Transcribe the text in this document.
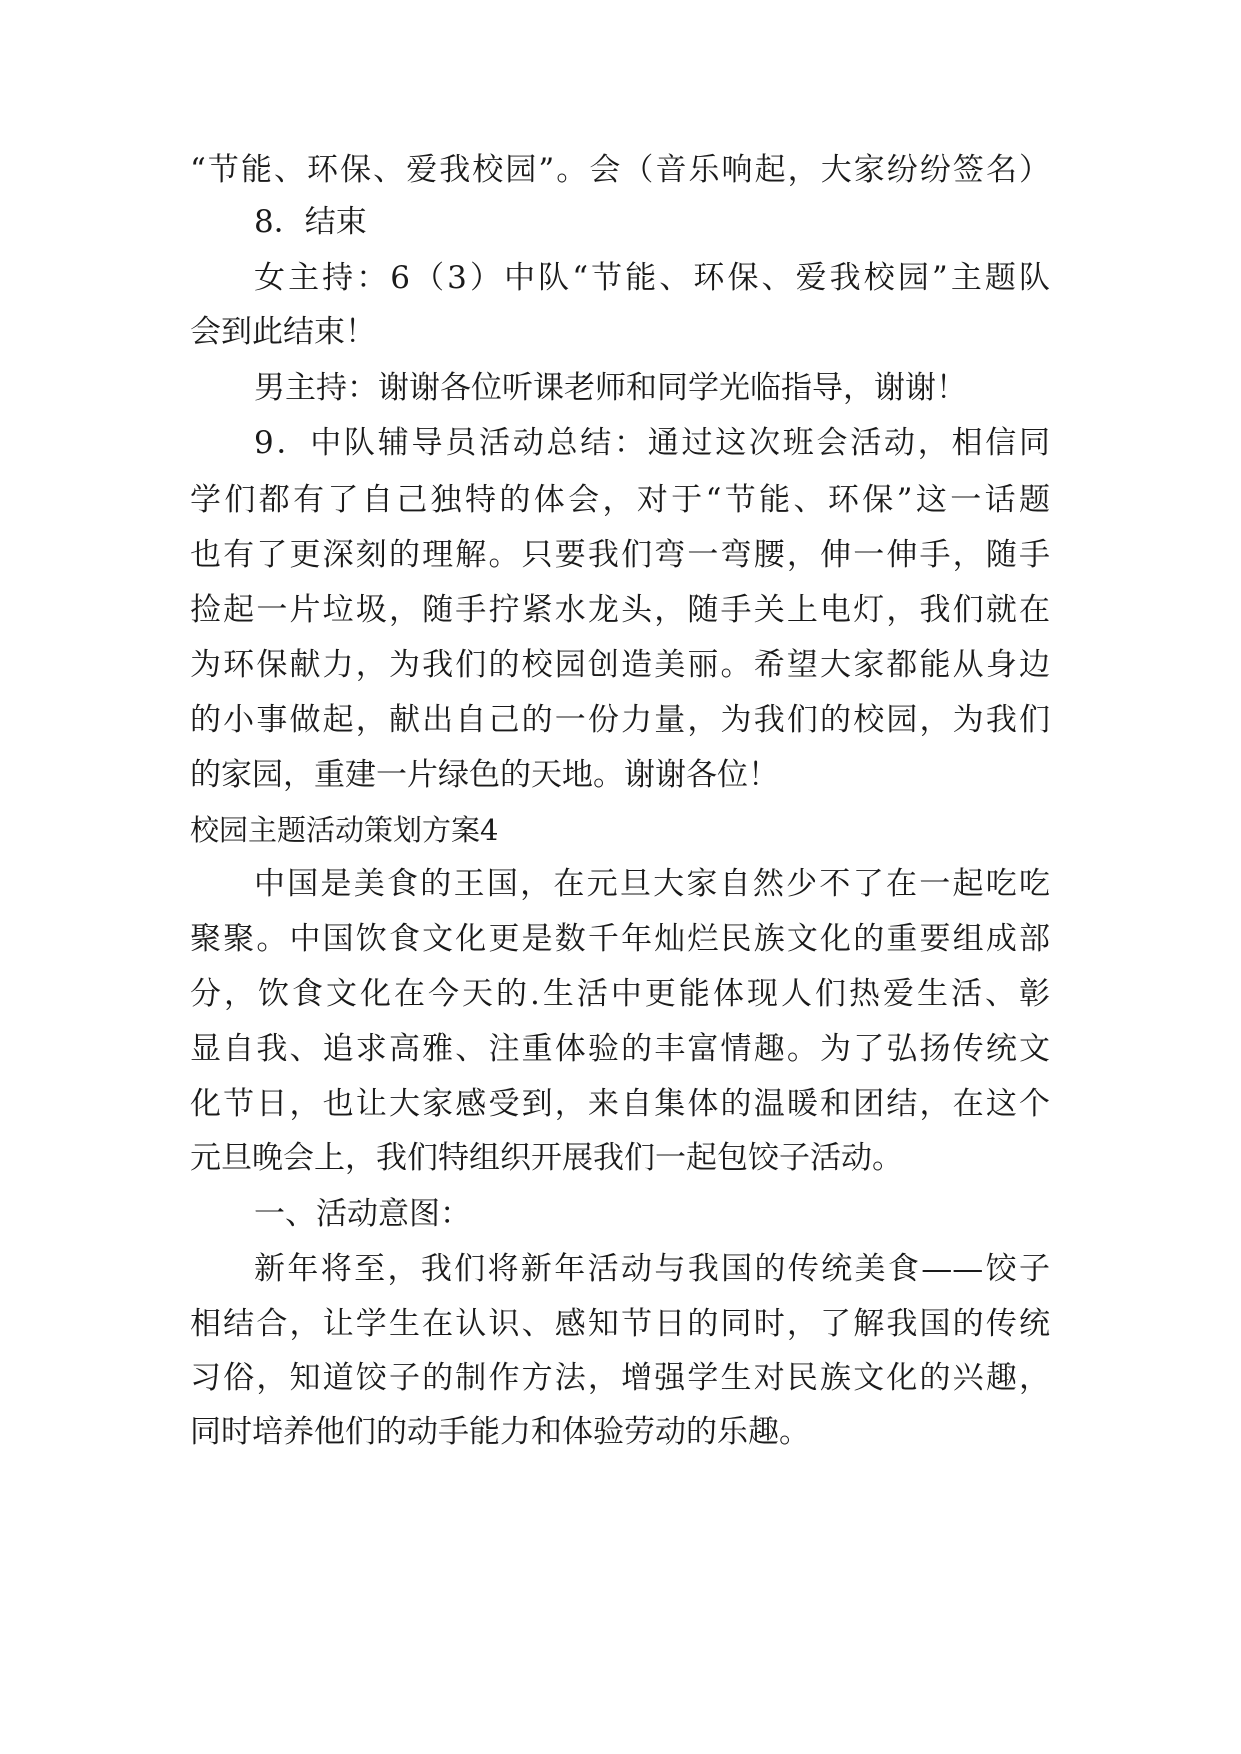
“节能、环保、爱我校园”。会（音乐响起，大家纷纷签名）
8．结束
女主持：6（3）中队“节能、环保、爱我校园”主题队
会到此结束！
男主持：谢谢各位听课老师和同学光临指导，谢谢！
9．中队辅导员活动总结：通过这次班会活动，相信同
学们都有了自己独特的体会，对于“节能、环保”这一话题
也有了更深刻的理解。只要我们弯一弯腰，伸一伸手，随手
捡起一片垃圾，随手拧紧水龙头，随手关上电灯，我们就在
为环保献力，为我们的校园创造美丽。希望大家都能从身边
的小事做起，献出自己的一份力量，为我们的校园，为我们
的家园，重建一片绿色的天地。谢谢各位！
校园主题活动策划方案4
中国是美食的王国，在元旦大家自然少不了在一起吃吃
聚聚。中国饮食文化更是数千年灿烂民族文化的重要组成部
分，饮食文化在今天的.生活中更能体现人们热爱生活、彰
显自我、追求高雅、注重体验的丰富情趣。为了弘扬传统文
化节日，也让大家感受到，来自集体的温暖和团结，在这个
元旦晚会上，我们特组织开展我们一起包饺子活动。
一、活动意图：
新年将至，我们将新年活动与我国的传统美食——饺子
相结合，让学生在认识、感知节日的同时，了解我国的传统
习俗，知道饺子的制作方法，增强学生对民族文化的兴趣，
同时培养他们的动手能力和体验劳动的乐趣。
